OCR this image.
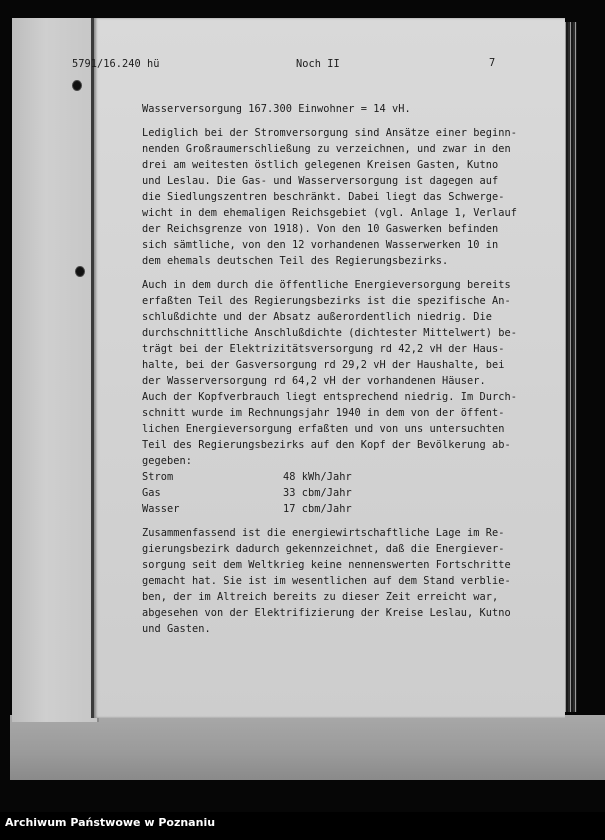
5791/16.240 hü	Noch II	7
Wasserversorgung 167.300 Einwohner = 14 vH.
Lediglich bei der Stromversorgung sind Ansätze einer beginn-
nenden Großraumerschließung zu verzeichnen, und zwar in den
drei am weitesten östlich gelegenen Kreisen Gasten, Kutno
und Leslau. Die Gas- und Wasserversorgung ist dagegen auf
die Siedlungszentren beschränkt. Dabei liegt das Schwerge-
wicht in dem ehemaligen Reichsgebiet (vgl. Anlage 1, Verlauf
der Reichsgrenze von 1918). Von den 10 Gaswerken befinden
sich sämtliche, von den 12 vorhandenen Wasserwerken 10 in
dem ehemals deutschen Teil des Regierungsbezirks.
Auch in dem durch die öffentliche Energieversorgung bereits
erfaßten Teil des Regierungsbezirks ist die spezifische An-
schlußdichte und der Absatz außerordentlich niedrig. Die
durchschnittliche Anschlußdichte (dichtester Mittelwert) be-
trägt bei der Elektrizitätsversorgung rd 42,2 vH der Haus-
halte, bei der Gasversorgung rd 29,2 vH der Haushalte, bei
der Wasserversorgung rd 64,2 vH der vorhandenen Häuser.
Auch der Kopfverbrauch liegt entsprechend niedrig. Im Durch-
schnitt wurde im Rechnungsjahr 1940 in dem von der öffent-
lichen Energieversorgung erfaßten und von uns untersuchten
Teil des Regierungsbezirks auf den Kopf der Bevölkerung ab-
gegeben:
Strom	48 kWh/Jahr
Gas	33 cbm/Jahr
Wasser	17 cbm/Jahr
Zusammenfassend ist die energiewirtschaftliche Lage im Re-
gierungsbezirk dadurch gekennzeichnet, daß die Energiever-
sorgung seit dem Weltkrieg keine nennenswerten Fortschritte
gemacht hat. Sie ist im wesentlichen auf dem Stand verblie-
ben, der im Altreich bereits zu dieser Zeit erreicht war,
abgesehen von der Elektrifizierung der Kreise Leslau, Kutno
und Gasten.
Archiwum Państwowe w Poznaniu
